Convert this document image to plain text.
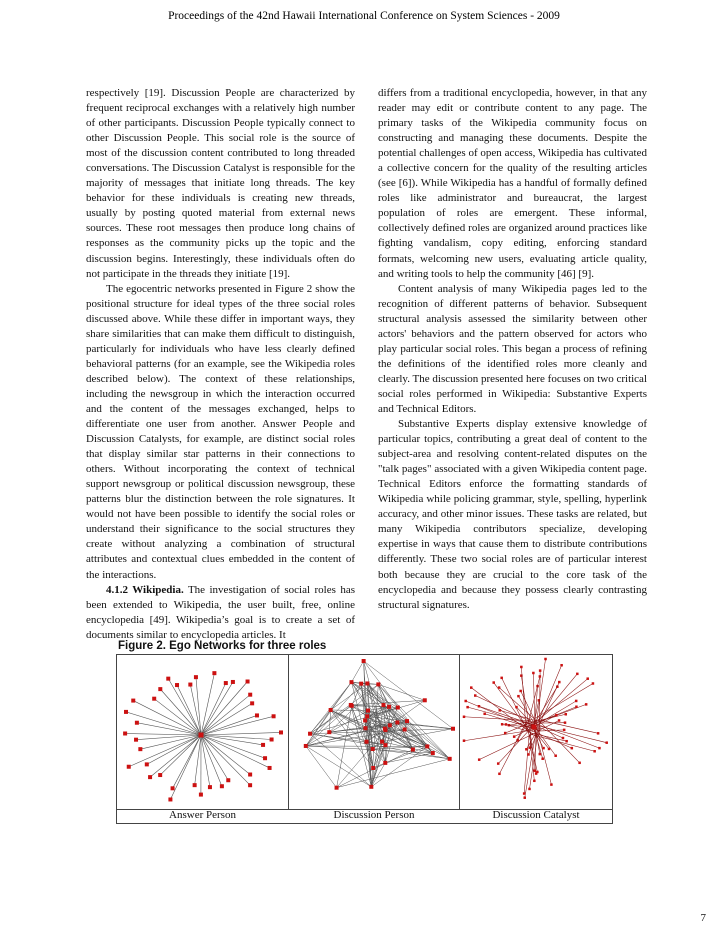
Proceedings of the 42nd Hawaii International Conference on System Sciences - 2009

respectively [19]. Discussion People are characterized by frequent reciprocal exchanges with a relatively high number of other participants. Discussion People typically connect to other Discussion People. This social role is the source of most of the discussion content contributed to long threaded conversations. The Discussion Catalyst is responsible for the majority of messages that initiate long threads. The key behavior for these individuals is creating new threads, usually by posting quoted material from external news sources. These root messages then produce long chains of responses as the community picks up the topic and the discussion begins. Interestingly, these individuals often do not participate in the threads they initiate [19].

The egocentric networks presented in Figure 2 show the positional structure for ideal types of the three social roles discussed above. While these differ in important ways, they share similarities that can make them difficult to distinguish, particularly for individuals who have less clearly defined behavioral patterns (for an example, see the Wikipedia roles described below). The context of these relationships, including the newsgroup in which the interaction occurred and the content of the messages exchanged, helps to differentiate one user from another. Answer People and Discussion Catalysts, for example, are distinct social roles that display similar star patterns in their connections to others. Without incorporating the context of technical support newsgroup or political discussion newsgroup, these patterns blur the distinction between the role signatures. It would not have been possible to identify the social roles or understand their significance to the social structures they create without analyzing a combination of structural attributes and contextual clues embedded in the content of the interactions.

4.1.2 Wikipedia. The investigation of social roles has been extended to Wikipedia, the user built, free, online encyclopedia [49]. Wikipedia’s goal is to create a set of documents similar to encyclopedia articles. It

differs from a traditional encyclopedia, however, in that any reader may edit or contribute content to any page. The primary tasks of the Wikipedia community focus on constructing and managing these documents. Despite the potential challenges of open access, Wikipedia has cultivated a collective concern for the quality of the resulting articles (see [6]). While Wikipedia has a handful of formally defined roles like administrator and bureaucrat, the largest population of roles are emergent. These informal, collectively defined roles are organized around practices like fighting vandalism, copy editing, enforcing standard formats, welcoming new users, evaluating article quality, and writing tools to help the community [46] [9].

Content analysis of many Wikipedia pages led to the recognition of different patterns of behavior. Subsequent structural analysis assessed the similarity between other actors' behaviors and the pattern observed for actors who play particular social roles. This began a process of refining the definitions of the identified roles more cleanly and clearly. The discussion presented here focuses on two critical social roles performed in Wikipedia: Substantive Experts and Technical Editors.

Substantive Experts display extensive knowledge of particular topics, contributing a great deal of content to the subject-area and resolving content-related disputes on the "talk pages" associated with a given Wikipedia content page. Technical Editors enforce the formatting standards of Wikipedia while policing grammar, style, spelling, hyperlink accuracy, and other minor issues. These tasks are related, but many Wikipedia contributors specialize, developing expertise in ways that cause them to distribute contributions differently. These two social roles are of particular interest both because they are crucial to the core task of the encyclopedia and because they possess clearly contrasting structural signatures.

Figure 2. Ego Networks for three roles
Answer Person	Discussion Person	Discussion Catalyst
7
